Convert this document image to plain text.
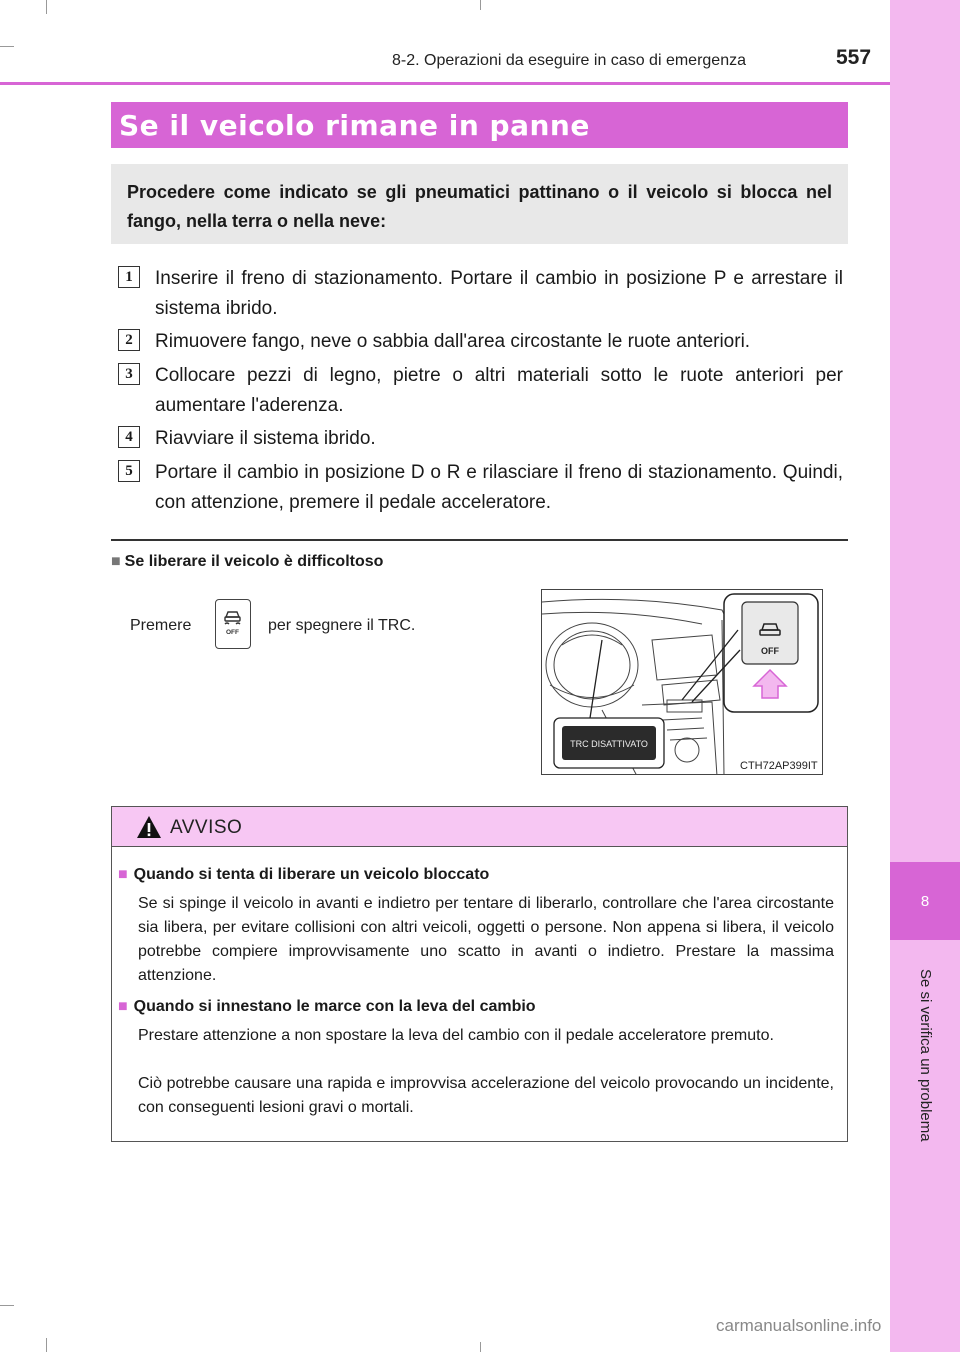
8
Se si verifica un problema
8-2. Operazioni da eseguire in caso di emergenza	557
Se il veicolo rimane in panne
Procedere come indicato se gli pneumatici pattinano o il veicolo si blocca nel fango, nella terra o nella neve:
1	Inserire il freno di stazionamento. Portare il cambio in posizione P e arrestare il sistema ibrido.
2	Rimuovere fango, neve o sabbia dall'area circostante le ruote anteriori.
3	Collocare pezzi di legno, pietre o altri materiali sotto le ruote anteriori per aumentare l'aderenza.
4	Riavviare il sistema ibrido.
5	Portare il cambio in posizione D o R e rilasciare il freno di stazionamento. Quindi, con attenzione, premere il pedale acceleratore.
■ Se liberare il veicolo è difficoltoso
Premere	OFF per spegnere il TRC.
OFF
TRC DISATTIVATO
CTH72AP399IT
AVVISO
■ Quando si tenta di liberare un veicolo bloccato
Se si spinge il veicolo in avanti e indietro per tentare di liberarlo, controllare che l'area circostante sia libera, per evitare collisioni con altri veicoli, oggetti o persone. Non appena si libera, il veicolo potrebbe compiere improvvisamente uno scatto in avanti o indietro. Prestare la massima attenzione.
■ Quando si innestano le marce con la leva del cambio
Prestare attenzione a non spostare la leva del cambio con il pedale acceleratore premuto.
Ciò potrebbe causare una rapida e improvvisa accelerazione del veicolo provocando un incidente, con conseguenti lesioni gravi o mortali.
carmanualsonline.info
